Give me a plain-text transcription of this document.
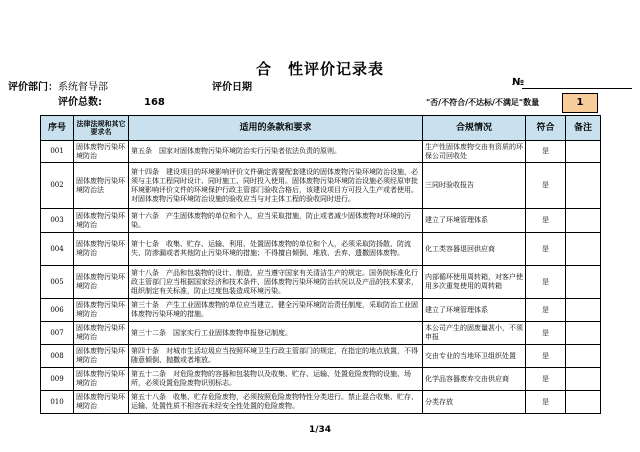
合　性评价记录表
评价部门：系统督导部	评价日期	№
评价总数:	168	"否/不符合/不达标/不满足"数量	1
序号	法律法规和其它要求名	适用的条款和要求	合规情况	符合	备注

001	固体废物污染环境防治	第五条　国家对固体废物污染环境防治实行污染者依法负责的原则。	生产性固体废物交由有资质的环保公司回收处	是	

002	固体废物污染环境防治法	第十四条　建设项目的环境影响评价文件确定需要配套建设的固体废物污染环境防治设施，必须与主体工程同时设计、同时施工、同时投入使用。固体废物污染环境防治设施必须经原审批环境影响评价文件的环境保护行政主管部门验收合格后，该建设项目方可投入生产或者使用。对固体废物污染环境防治设施的验收应当与对主体工程的验收同时进行。	三同时验收报告	是	

003	固体废物污染环境防治	第十六条　产生固体废物的单位和个人，应当采取措施，防止或者减少固体废物对环境的污染。	建立了环境管理体系	是	

004	固体废物污染环境防治	第十七条　收集、贮存、运输、利用、处置固体废物的单位和个人，必须采取防扬散、防流失、防渗漏或者其他防止污染环境的措施；不得擅自倾倒、堆放、丢弃、遗撒固体废物。	化工类容器退回供应商	是	

005	固体废物污染环境防治	第十八条　产品和包装物的设计、制造，应当遵守国家有关清洁生产的规定。国务院标准化行政主管部门应当根据国家经济和技术条件、固体废物污染环境防治状况以及产品的技术要求，组织制定有关标准，防止过度包装造成环境污染。	内部循环使用周转箱，对客户使用多次重复使用的周转箱	是	

006	固体废物污染环境防治	第三十条　产生工业固体废物的单位应当建立、健全污染环境防治责任制度，采取防治工业固体废物污染环境的措施。	建立了环境管理体系	是	

007	固体废物污染环境防治	第三十二条　国家实行工业固体废物申报登记制度。	本公司产生的固废量甚小，不须申报	是	

008	固体废物污染环境防治	第四十条　对城市生活垃圾应当按照环境卫生行政主管部门的规定，在指定的地点放置，不得随意倾倒、抛撒或者堆放。	交由专业的当地环卫组织处置	是	

009	固体废物污染环境防治	第五十二条　对危险废物的容器和包装物以及收集、贮存、运输、处置危险废物的设施、场所，必须设置危险废物识别标志。	化学品容器废弃交由供应商	是	

010	固体废物污染环境防治	第五十八条　收集、贮存危险废物，必须按照危险废物特性分类进行。禁止混合收集、贮存、运输、处置性质不相容而未经安全性处置的危险废物。	分类存放	是	

1/34
